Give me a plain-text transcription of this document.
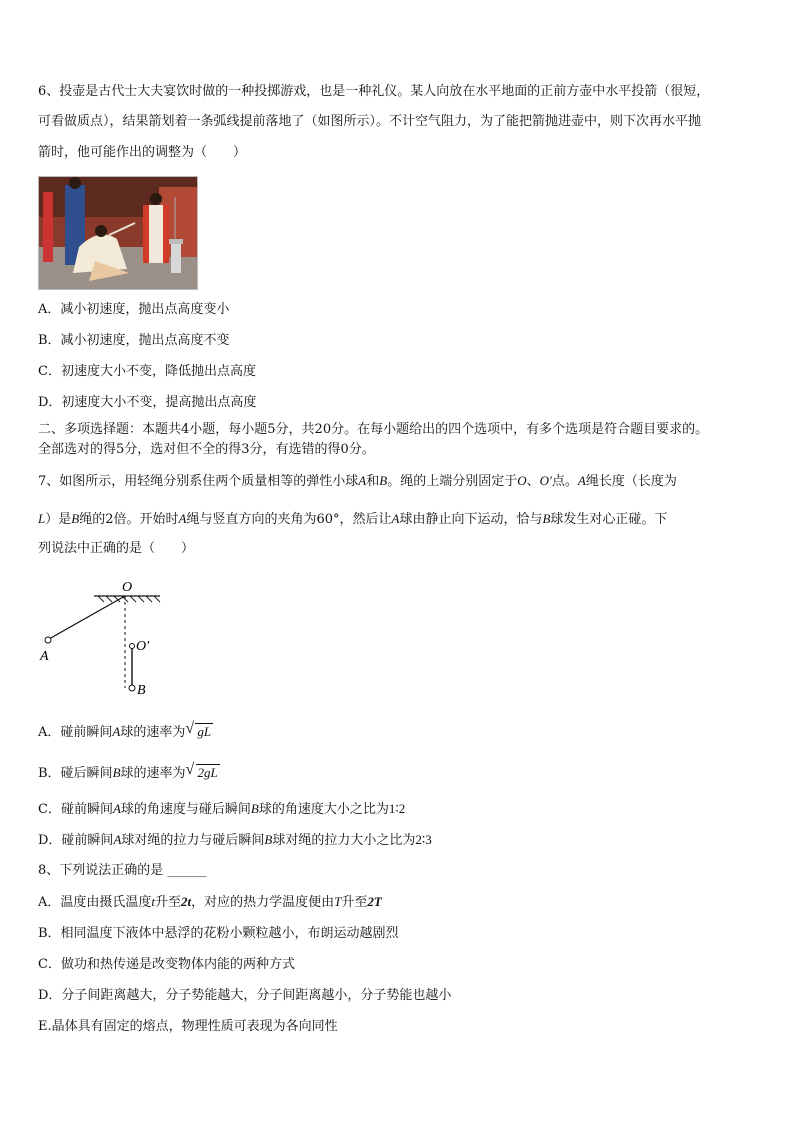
6、投壶是古代士大夫宴饮时做的一种投掷游戏，也是一种礼仪。某人向放在水平地面的正前方壶中水平投箭（很短，
可看做质点），结果箭划着一条弧线提前落地了（如图所示）。不计空气阻力，为了能把箭抛进壶中，则下次再水平抛
箭时，他可能作出的调整为（　　）
A．减小初速度，抛出点高度变小
B．减小初速度，抛出点高度不变
C．初速度大小不变，降低抛出点高度
D．初速度大小不变，提高抛出点高度
二、多项选择题：本题共4小题，每小题5分，共20分。在每小题给出的四个选项中，有多个选项是符合题目要求的。
全部选对的得5分，选对但不全的得3分，有选错的得0分。
7、如图所示，用轻绳分别系住两个质量相等的弹性小球A和B。绳的上端分别固定于O、O′点。A绳长度（长度为
L）是B绳的2倍。开始时A绳与竖直方向的夹角为60°，然后让A球由静止向下运动，恰与B球发生对心正碰。下
列说法中正确的是（　　）
O
O′
A
B
A．碰前瞬间A球的速率为 √ gL
B．碰后瞬间B球的速率为 √ 2gL
C．碰前瞬间A球的角速度与碰后瞬间B球的角速度大小之比为1∶2
D．碰前瞬间A球对绳的拉力与碰后瞬间B球对绳的拉力大小之比为2∶3
8、下列说法正确的是 ______
A．温度由摄氏温度t升至2t，对应的热力学温度便由T升至2T
B．相同温度下液体中悬浮的花粉小颗粒越小，布朗运动越剧烈
C．做功和热传递是改变物体内能的两种方式
D．分子间距离越大，分子势能越大，分子间距离越小，分子势能也越小
E.晶体具有固定的熔点，物理性质可表现为各向同性
